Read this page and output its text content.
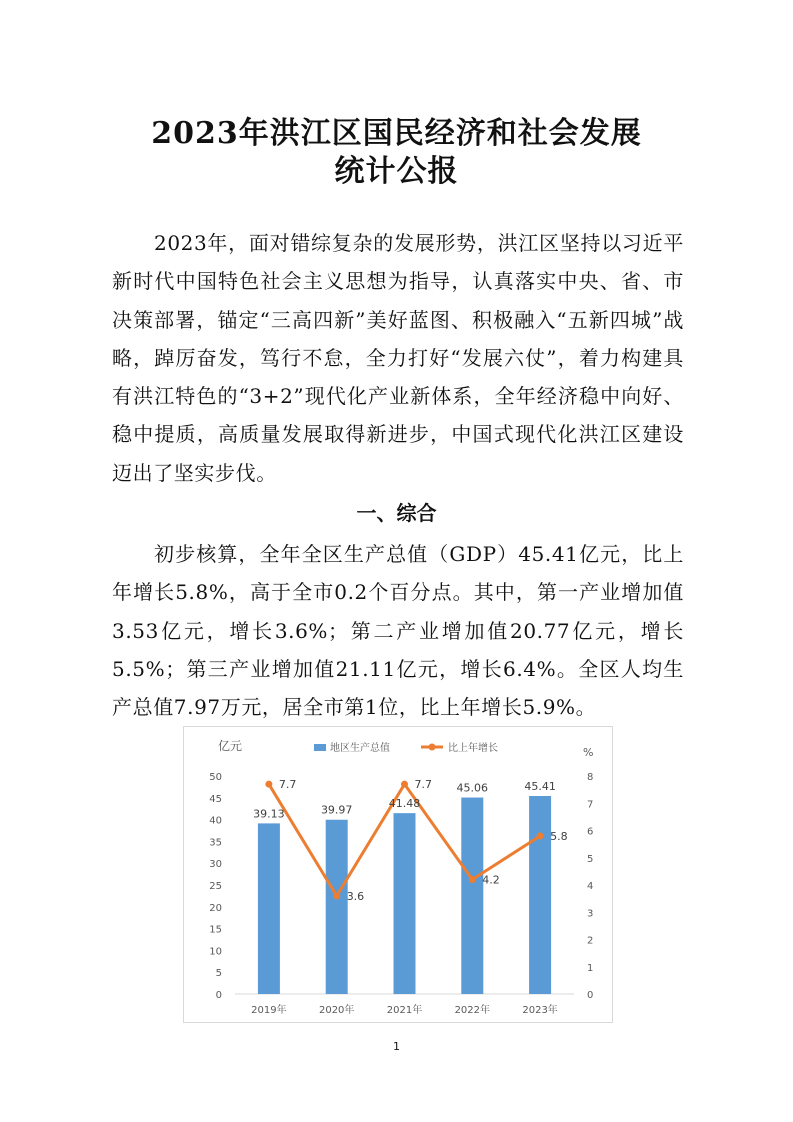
2023年洪江区国民经济和社会发展
统计公报
2023年，面对错综复杂的发展形势，洪江区坚持以习近平新时代中国特色社会主义思想为指导，认真落实中央、省、市决策部署，锚定“三高四新”美好蓝图、积极融入“五新四城”战略，踔厉奋发，笃行不怠，全力打好“发展六仗”，着力构建具有洪江特色的“3+2”现代化产业新体系，全年经济稳中向好、稳中提质，高质量发展取得新进步，中国式现代化洪江区建设迈出了坚实步伐。
一、综合
初步核算，全年全区生产总值（GDP）45.41亿元，比上年增长5.8%，高于全市0.2个百分点。其中，第一产业增加值3.53亿元，增长3.6%；第二产业增加值20.77亿元，增长5.5%；第三产业增加值21.11亿元，增长6.4%。全区人均生产总值7.97万元，居全市第1位，比上年增长5.9%。
0
5
10
15
20
25
30
35
40
45
50
0
1
2
3
4
5
6
7
8
亿元	%
地区生产总值	比上年增长
2019年	2020年	2021年	2022年	2023年
39.13	39.97
41.48
45.06	45.41
7.7
3.6
7.7
4.2
5.8
1
